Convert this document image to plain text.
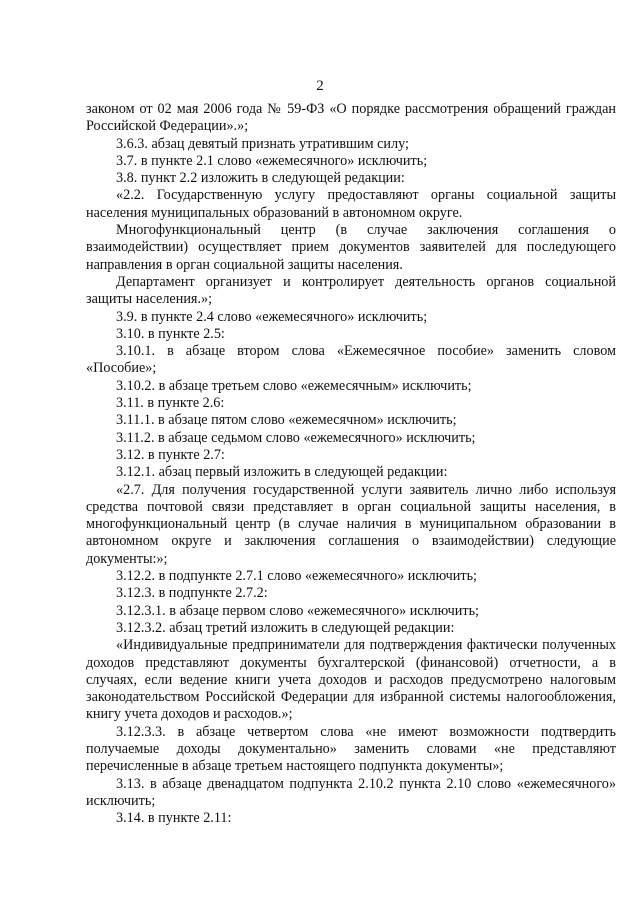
2

законом от 02 мая 2006 года № 59-ФЗ «О порядке рассмотрения обращений граждан Российской Федерации».»;

3.6.3. абзац девятый признать утратившим силу;

3.7. в пункте 2.1 слово «ежемесячного» исключить;

3.8. пункт 2.2 изложить в следующей редакции:

«2.2. Государственную услугу предоставляют органы социальной защиты населения муниципальных образований в автономном округе.

Многофункциональный центр (в случае заключения соглашения о взаимодействии) осуществляет прием документов заявителей для последующего направления в орган социальной защиты населения.

Департамент организует и контролирует деятельность органов социальной защиты населения.»;

3.9. в пункте 2.4 слово «ежемесячного» исключить;

3.10. в пункте 2.5:

3.10.1. в абзаце втором слова «Ежемесячное пособие» заменить словом «Пособие»;

3.10.2. в абзаце третьем слово «ежемесячным» исключить;

3.11. в пункте 2.6:

3.11.1. в абзаце пятом слово «ежемесячном» исключить;

3.11.2. в абзаце седьмом слово «ежемесячного» исключить;

3.12. в пункте 2.7:

3.12.1. абзац первый изложить в следующей редакции:

«2.7. Для получения государственной услуги заявитель лично либо используя средства почтовой связи представляет в орган социальной защиты населения, в многофункциональный центр (в случае наличия в муниципальном образовании в автономном округе и заключения соглашения о взаимодействии) следующие документы:»;

3.12.2. в подпункте 2.7.1 слово «ежемесячного» исключить;

3.12.3. в подпункте 2.7.2:

3.12.3.1. в абзаце первом слово «ежемесячного» исключить;

3.12.3.2. абзац третий изложить в следующей редакции:

«Индивидуальные предприниматели для подтверждения фактически полученных доходов представляют документы бухгалтерской (финансовой) отчетности, а в случаях, если ведение книги учета доходов и расходов предусмотрено налоговым законодательством Российской Федерации для избранной системы налогообложения, книгу учета доходов и расходов.»;

3.12.3.3. в абзаце четвертом слова «не имеют возможности подтвердить получаемые доходы документально» заменить словами «не представляют перечисленные в абзаце третьем настоящего подпункта документы»;

3.13. в абзаце двенадцатом подпункта 2.10.2 пункта 2.10 слово «ежемесячного» исключить;

3.14. в пункте 2.11:
